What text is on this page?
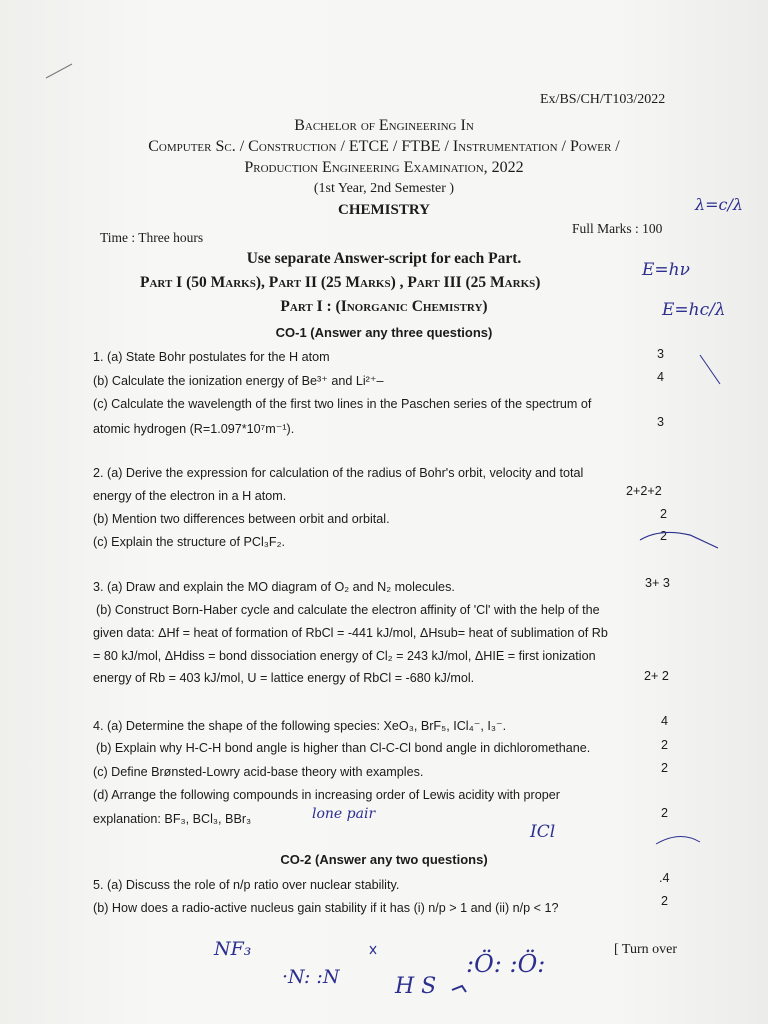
Ex/BS/CH/T103/2022
Bachelor of Engineering In
Computer Sc. / Construction / ETCE / FTBE / Instrumentation / Power /
Production Engineering Examination, 2022
(1st Year, 2nd Semester )
CHEMISTRY
Time : Three hours
Full Marks : 100
Use separate Answer-script for each Part.
Part I (50 Marks), Part II (25 Marks) , Part III (25 Marks)
Part I : (Inorganic Chemistry)
CO-1 (Answer any three questions)
CO-2 (Answer any two questions)
1. (a) State Bohr postulates for the H atom	3
(b) Calculate the ionization energy of Be³⁺ and Li²⁺–	4
(c) Calculate the wavelength of the first two lines in the Paschen series of the spectrum of
atomic hydrogen (R=1.097*10⁷m⁻¹).	3
2. (a) Derive the expression for calculation of the radius of Bohr's orbit, velocity and total
energy of the electron in a H atom.	2+2+2
(b) Mention two differences between orbit and orbital.	2
(c) Explain the structure of PCl₃F₂.	2
3. (a) Draw and explain the MO diagram of O₂ and N₂ molecules.	3+ 3
(b) Construct Born-Haber cycle and calculate the electron affinity of 'Cl' with the help of the
given data: ΔHf = heat of formation of RbCl = -441 kJ/mol, ΔHsub= heat of sublimation of Rb
= 80 kJ/mol, ΔHdiss = bond dissociation energy of Cl₂ = 243 kJ/mol, ΔHIE = first ionization
energy of Rb = 403 kJ/mol, U = lattice energy of RbCl = -680 kJ/mol.	2+ 2
4. (a) Determine the shape of the following species: XeO₃, BrF₅, ICl₄⁻, I₃⁻.	4
(b) Explain why H-C-H bond angle is higher than Cl-C-Cl bond angle in dichloromethane.	2
(c) Define Brønsted-Lowry acid-base theory with examples.	2
(d) Arrange the following compounds in increasing order of Lewis acidity with proper
explanation: BF₃, BCl₃, BBr₃	2
5. (a) Discuss the role of n/p ratio over nuclear stability.	.4
(b) How does a radio-active nucleus gain stability if it has (i) n/p > 1 and (ii) n/p < 1?	2
[ Turn over
λ=c/λ
E=hν
E=hc/λ
lone pair
ICl
NF₃
·N: :N	H S
:Ö: :Ö:
